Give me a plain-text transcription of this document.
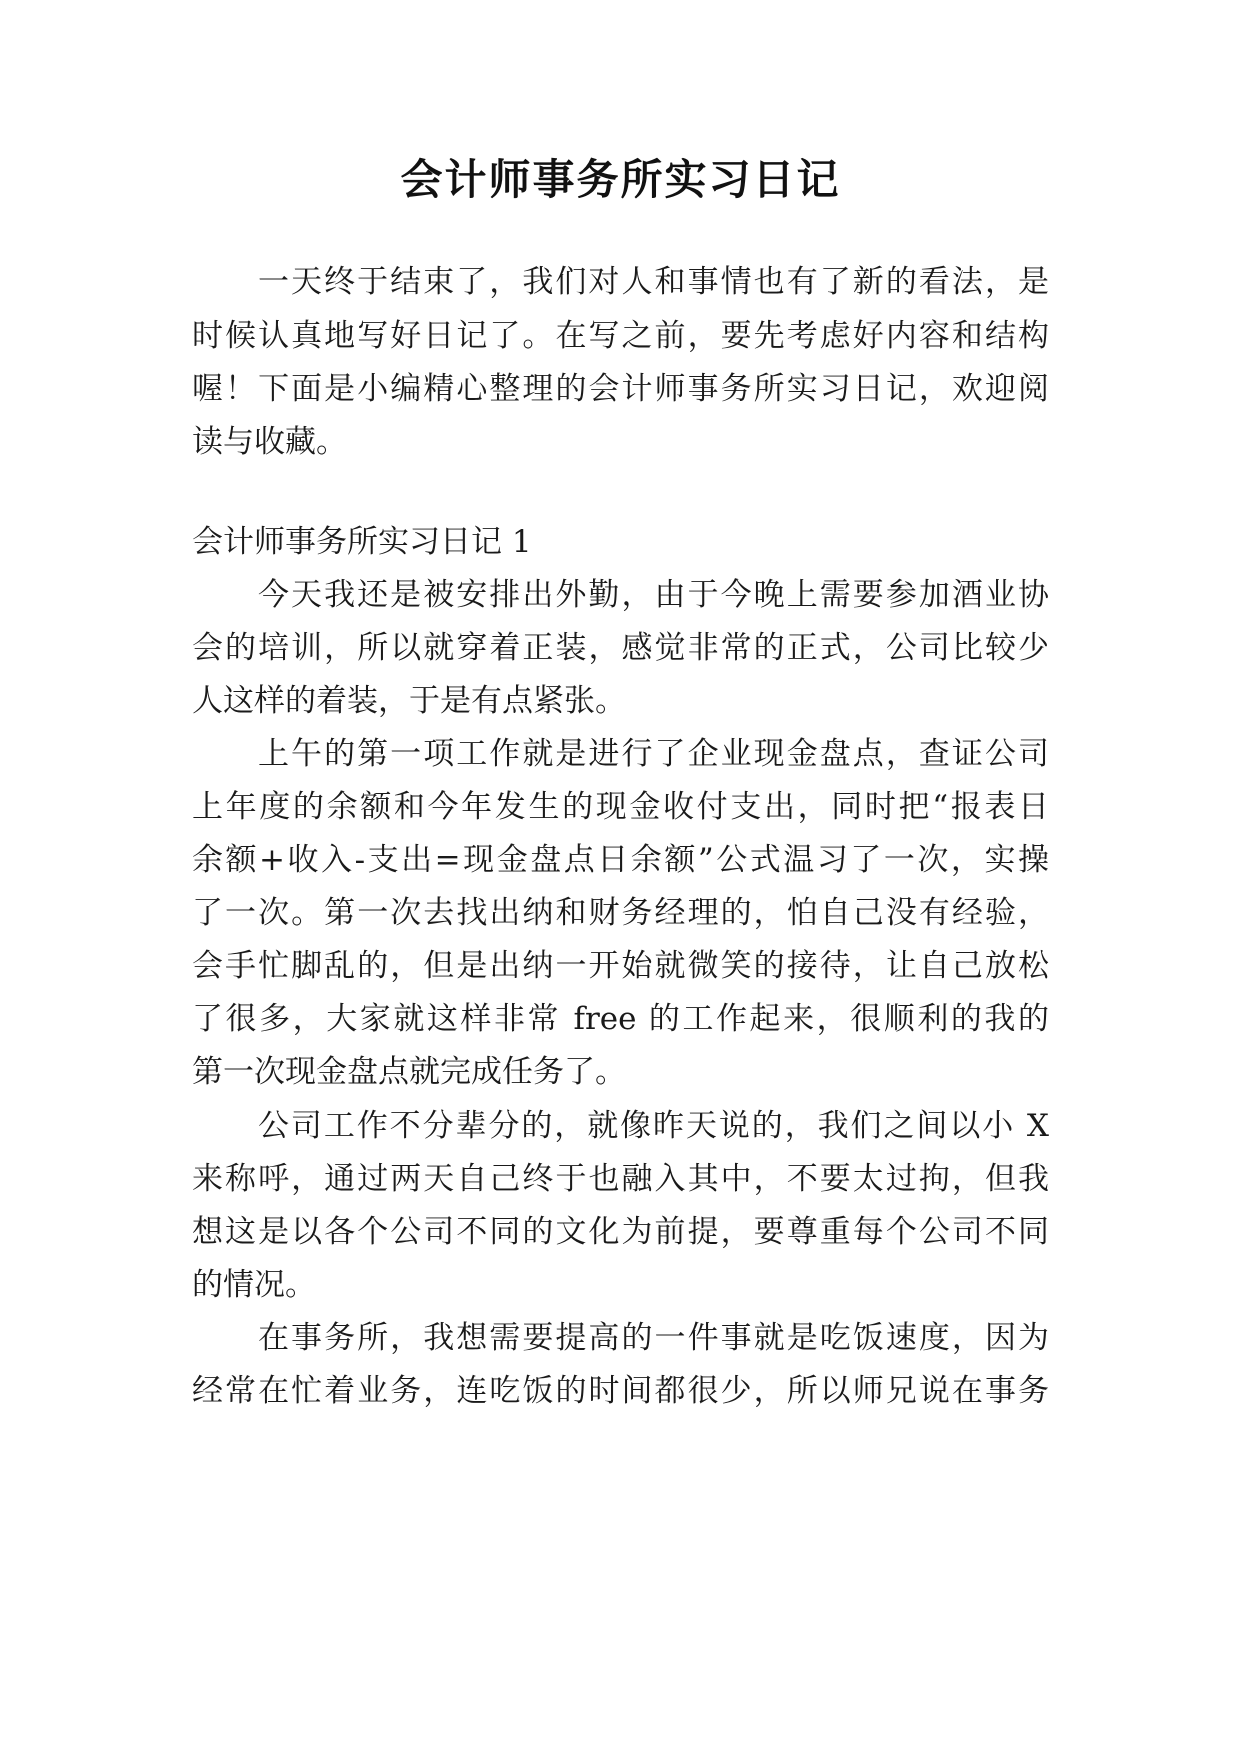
会计师事务所实习日记
一天终于结束了，我们对人和事情也有了新的看法，是
时候认真地写好日记了。在写之前，要先考虑好内容和结构
喔！下面是小编精心整理的会计师事务所实习日记，欢迎阅
读与收藏。
会计师事务所实习日记 1
今天我还是被安排出外勤，由于今晚上需要参加酒业协
会的培训，所以就穿着正装，感觉非常的正式，公司比较少
人这样的着装，于是有点紧张。
上午的第一项工作就是进行了企业现金盘点，查证公司
上年度的余额和今年发生的现金收付支出，同时把“报表日
余额+收入-支出=现金盘点日余额”公式温习了一次，实操
了一次。第一次去找出纳和财务经理的，怕自己没有经验，
会手忙脚乱的，但是出纳一开始就微笑的接待，让自己放松
了很多，大家就这样非常 free 的工作起来，很顺利的我的
第一次现金盘点就完成任务了。
公司工作不分辈分的，就像昨天说的，我们之间以小 X
来称呼，通过两天自己终于也融入其中，不要太过拘，但我
想这是以各个公司不同的文化为前提，要尊重每个公司不同
的情况。
在事务所，我想需要提高的一件事就是吃饭速度，因为
经常在忙着业务，连吃饭的时间都很少，所以师兄说在事务
